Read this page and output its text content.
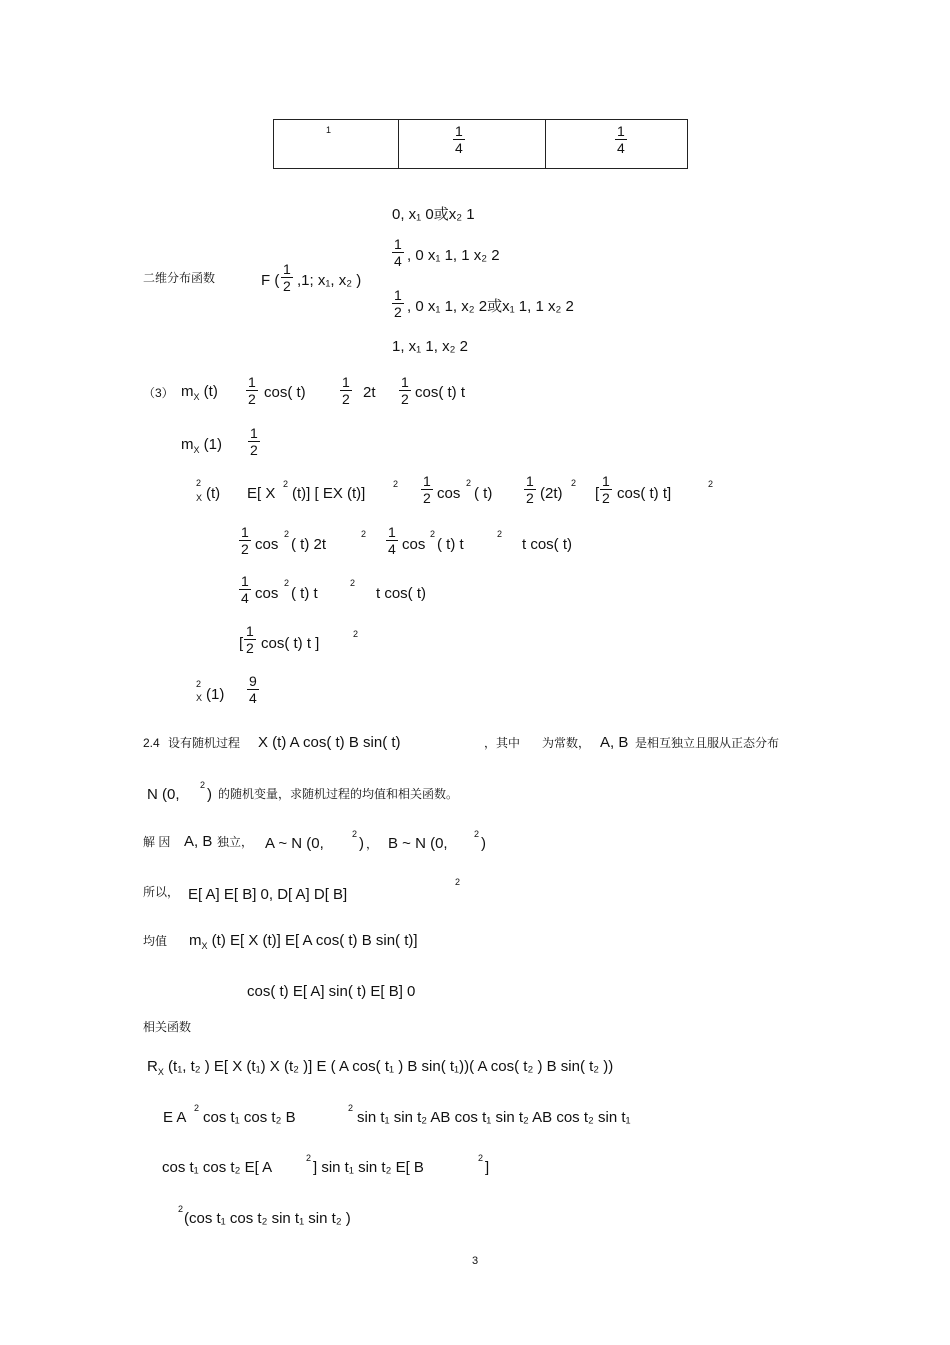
1	$\frac{1}{4}$	$\frac{1}{4}$
二维分布函数	F ( $\frac{1}{2} ,1$; x₁, x₂ )
0, x₁ 0或x₂ 1
$\frac{1}{4}$ , 0 x₁ 1, 1 x₂ 2
$\frac{1}{2}$ , 0 x₁ 1, x₂ 2或x₁ 1, 1 x₂ 2
1, x₁ 1, x₂ 2
（3） $m_X$ $(t) \frac{1}{2} \cos$( $t) \frac{1}{2} 2t \frac{1}{2} \cos$( t) t
$m_X$ $(1) \frac{1}{2}$
2
X (t) E[ X
2
(t)] [ EX (t)]
$2 \frac{1}{2}$ cos
2
( $t) \frac{1}{2} (2t)$
2
[ $\frac{1}{2} \cos$( t) t]
2
$\frac{1}{2}$ cos
2
( t) 2t
$2 \frac{1}{4}$ cos
2
( t) t
2
t cos( t)
$\frac{1}{4}$ cos
2
( t) t
2
t cos( t)
[ $\frac{1}{2} \cos$( t) t ]
2
2
X $(1) \frac{9}{4}$
2.4 设有随机过程 X (t) A cos( t) B sin( t)	，其中 为常数， A, B 是相互独立且服从正态分布
N (0,
2
) 的随机变量，求随机过程的均值和相关函数。
解 因 A, B 独立， A ~ N (0,
2
) ， B ~ N (0,
2
)
所以， E[ A] E[ B] 0, D[ A] D[ B]
2
均值 $m_X$ (t) E[ X (t)] E[ A cos( t) B sin( t)]
cos( t) E[ A] sin( t) E[ B] 0
相关函数
$R_X$ (t₁, t₂ ) E[ X (t₁) X (t₂ )] E ( A cos( t₁ ) B sin( t₁))( A cos( t₂ ) B sin( t₂ ))
E A
2
cos t₁ cos t₂ B
2
sin t₁ sin t₂ AB cos t₁ sin t₂ AB cos t₂ sin t₁
cos t₁ cos t₂ E[ A
2
] sin t₁ sin t₂ E[ B
2
]
2
(cos t₁ cos t₂ sin t₁ sin t₂ )
3
